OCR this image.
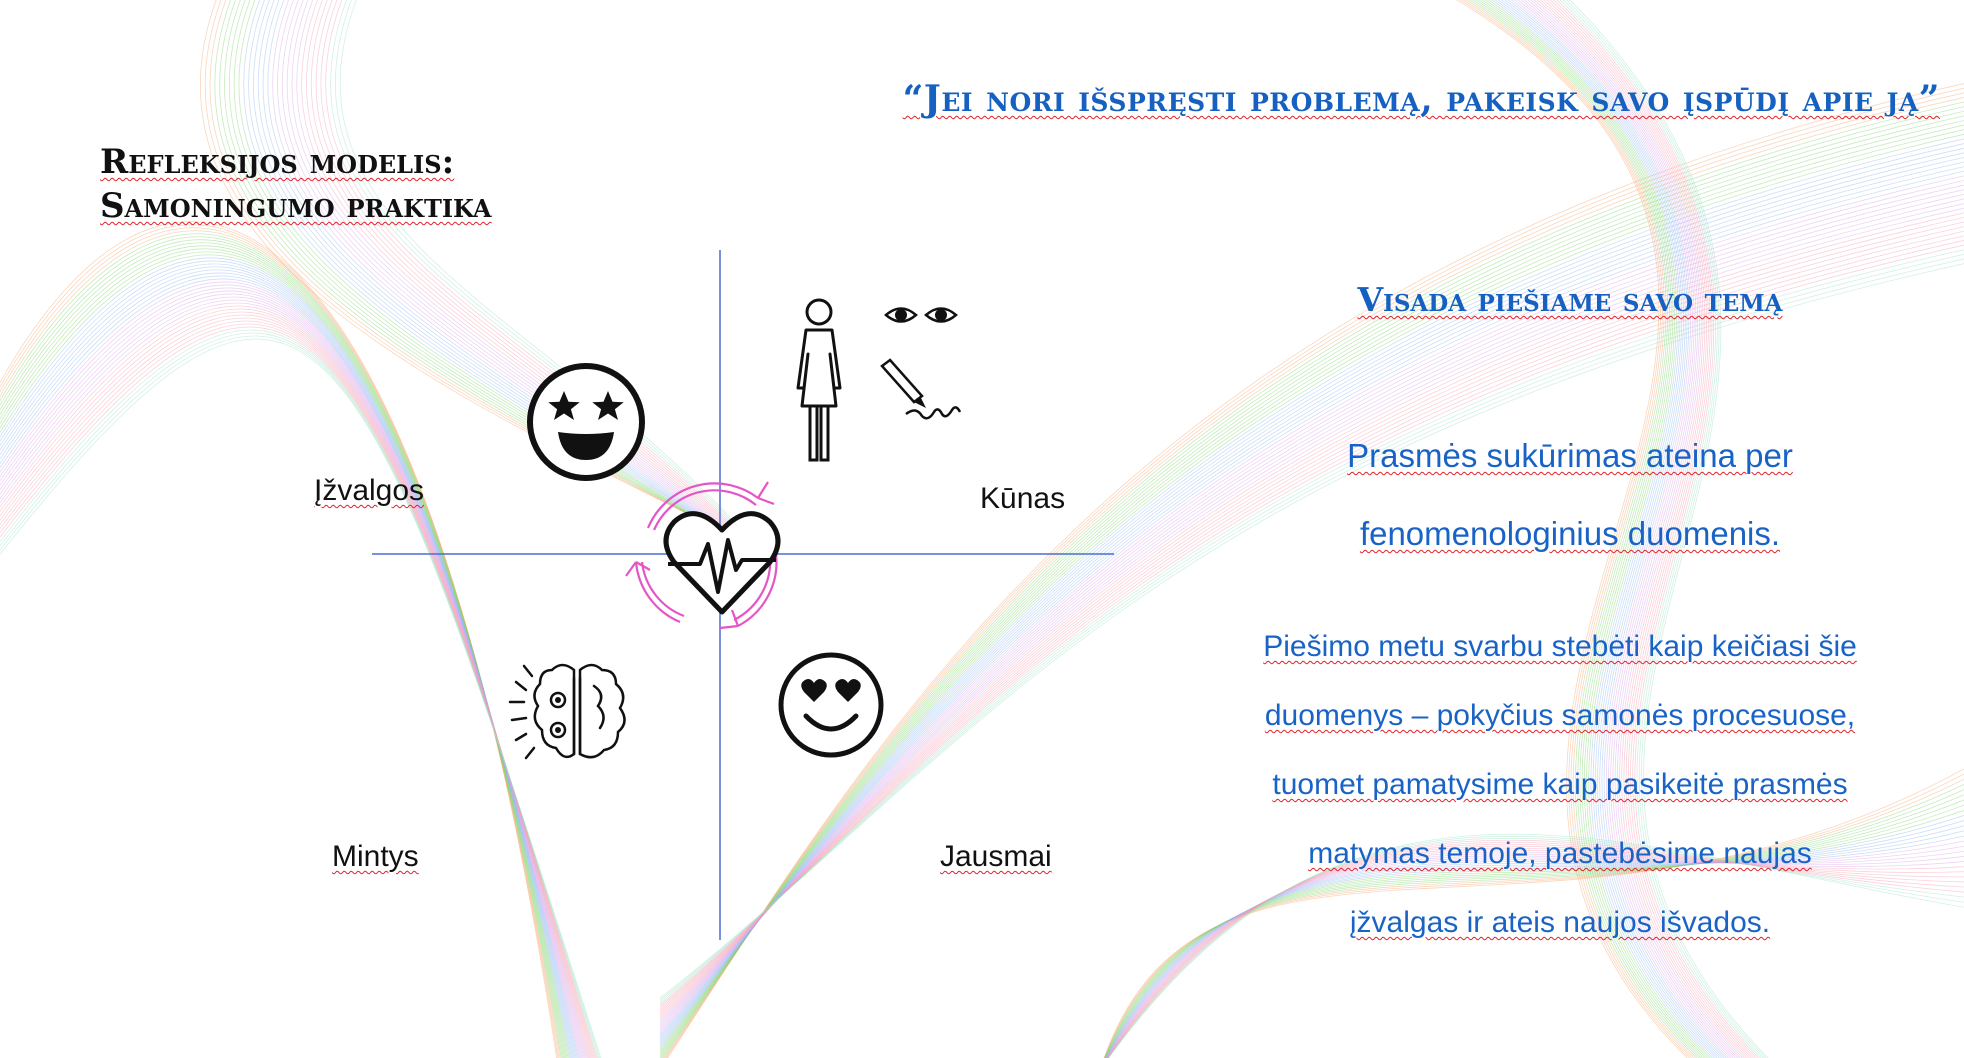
“Jei nori išspręsti problemą, pakeisk savo įspūdį apie ją”
Refleksijos modelis:
Samoningumo praktika
Visada piešiame savo temą
Prasmės sukūrimas ateina per
fenomenologinius duomenis.
Piešimo metu svarbu stebėti kaip keičiasi šie
duomenys – pokyčius samonės procesuose,
tuomet pamatysime kaip pasikeitė prasmės
matymas temoje, pastebėsime naujas
įžvalgas ir ateis naujos išvados.
Įžvalgos	Kūnas
Mintys	Jausmai
